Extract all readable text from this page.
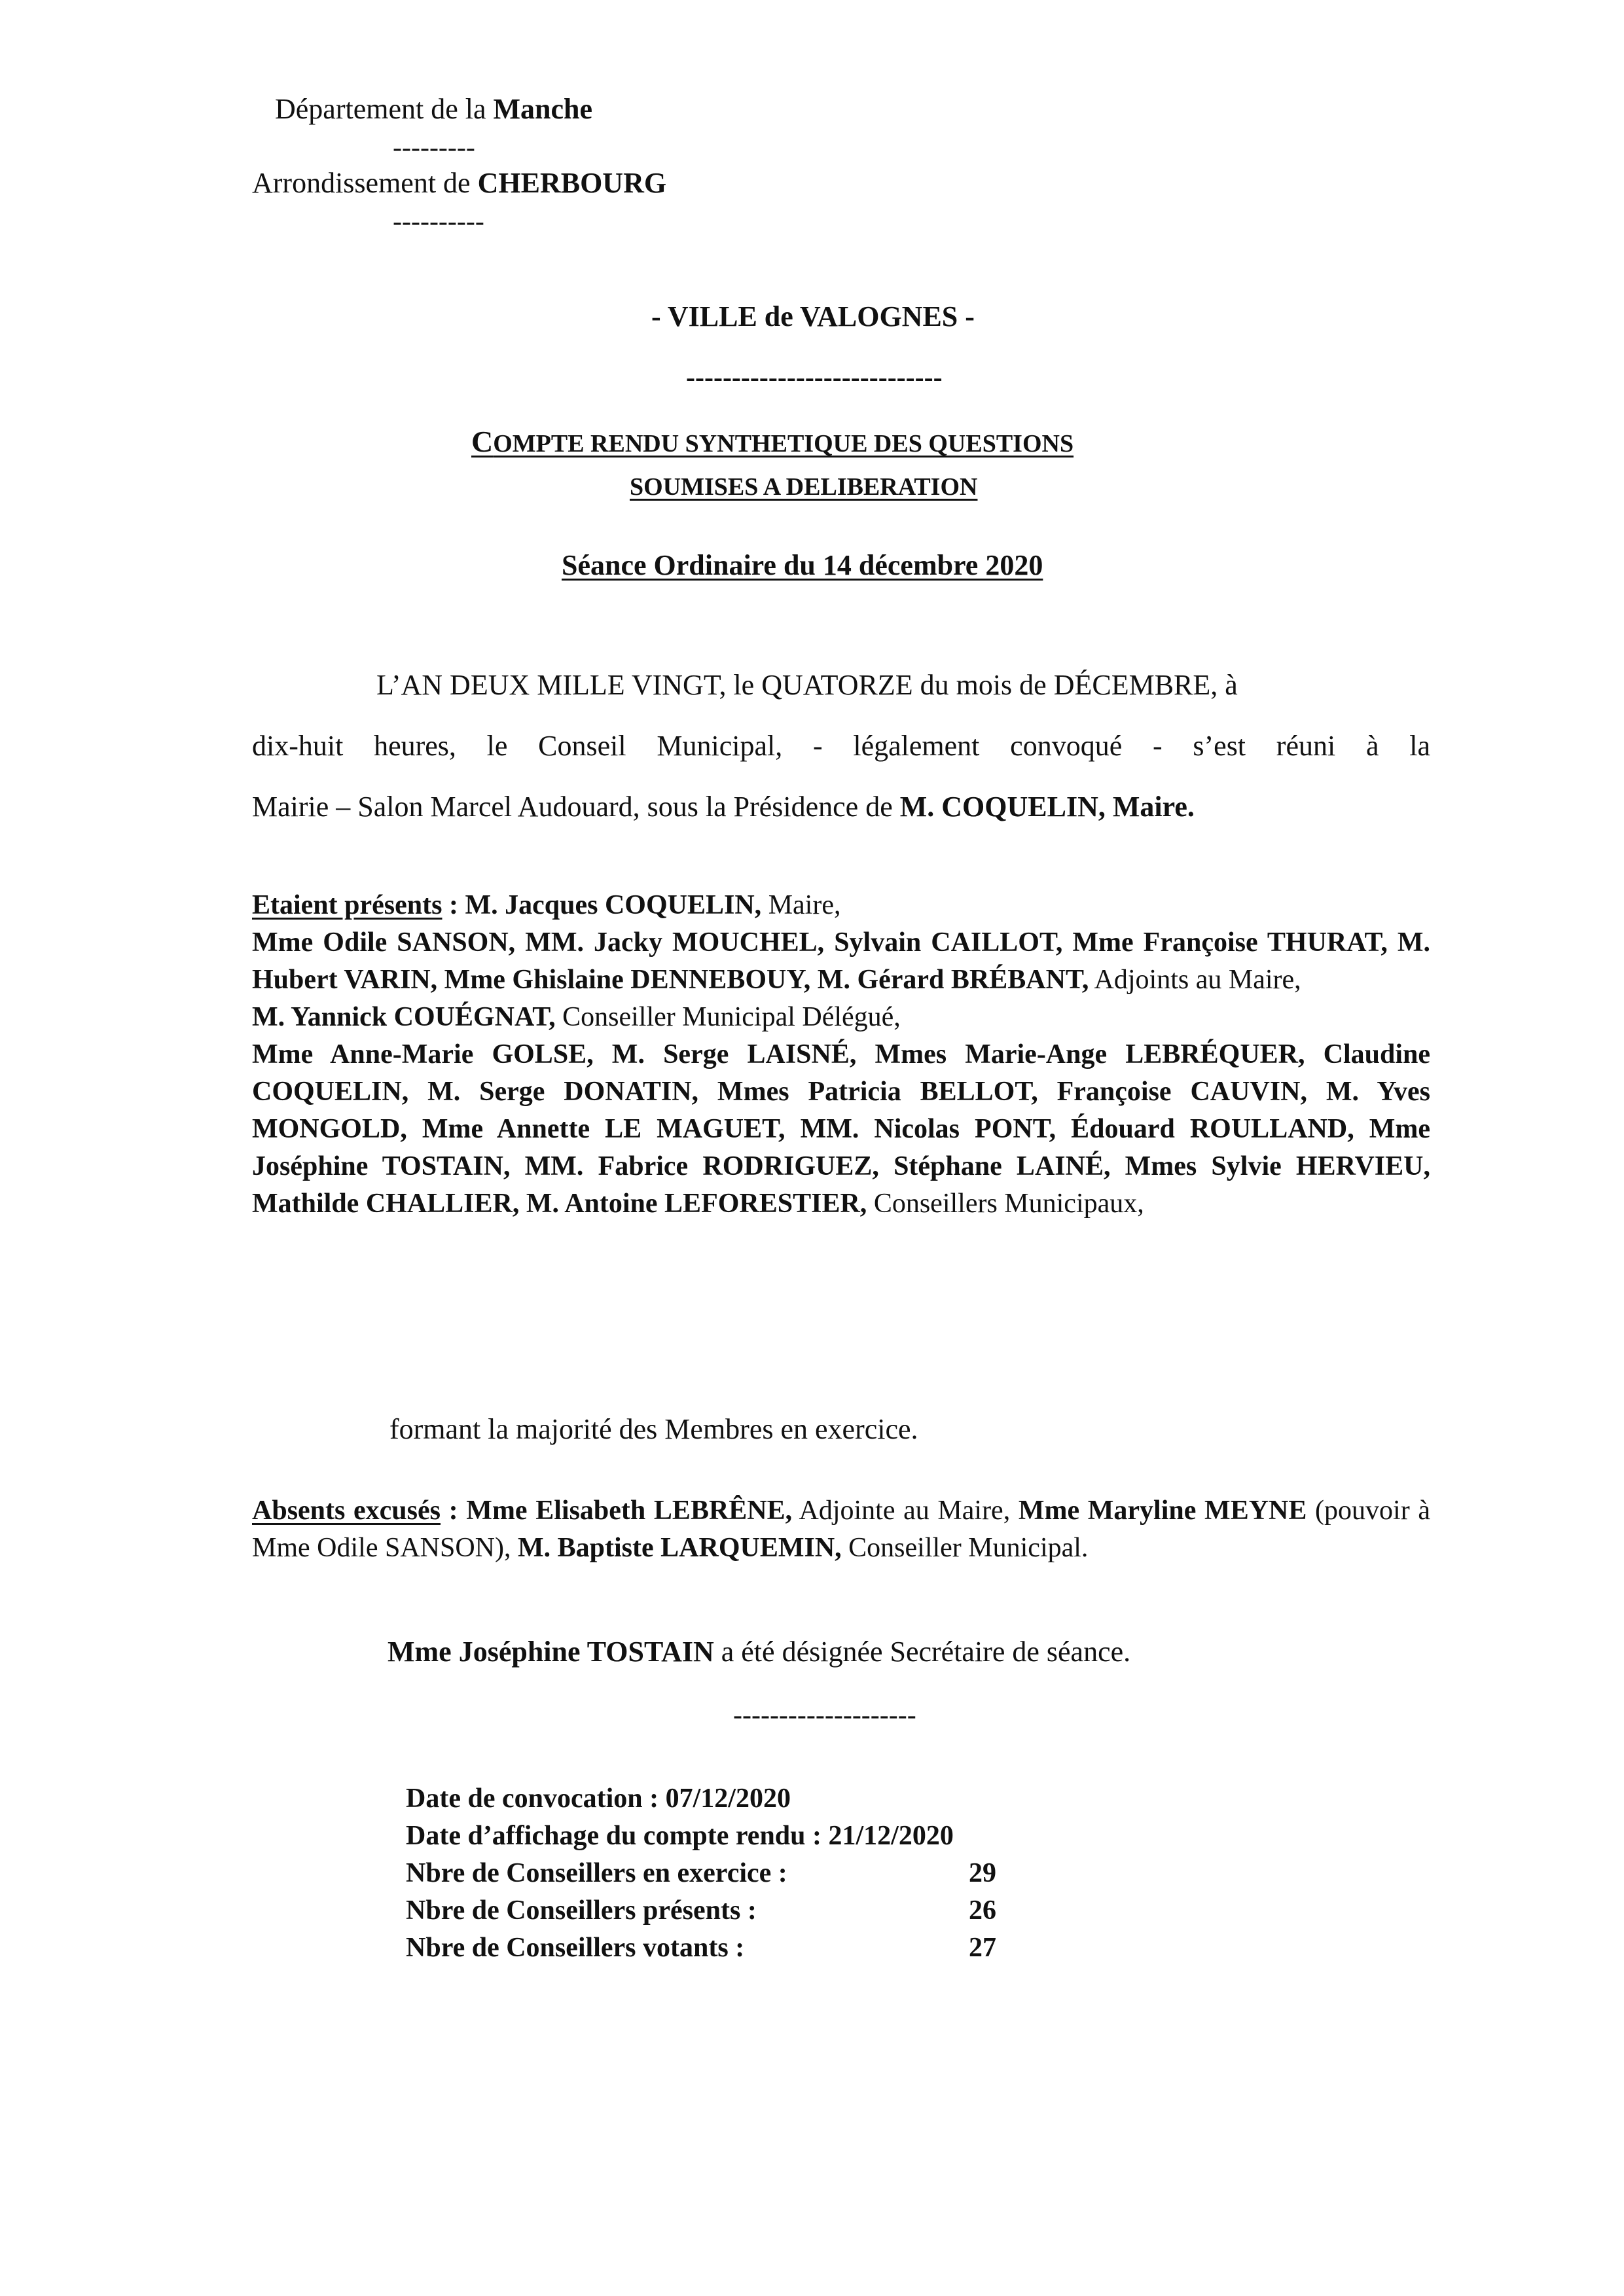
Département de la Manche
---------
Arrondissement de CHERBOURG
----------
- VILLE de VALOGNES -
----------------------------
COMPTE RENDU SYNTHETIQUE DES QUESTIONS
SOUMISES A DELIBERATION
Séance Ordinaire du 14 décembre 2020
L’AN DEUX MILLE VINGT, le QUATORZE du mois de DÉCEMBRE, à
dix-huit heures, le Conseil Municipal, - légalement convoqué - s’est réuni à la
Mairie – Salon Marcel Audouard, sous la Présidence de M. COQUELIN, Maire.
Etaient présents : M. Jacques COQUELIN, Maire,
Mme Odile SANSON, MM. Jacky MOUCHEL, Sylvain CAILLOT, Mme Françoise THURAT, M. Hubert VARIN, Mme Ghislaine DENNEBOUY, M. Gérard BRÉBANT, Adjoints au Maire,
M. Yannick COUÉGNAT, Conseiller Municipal Délégué,
Mme Anne-Marie GOLSE, M. Serge LAISNÉ, Mmes Marie-Ange LEBRÉQUER, Claudine COQUELIN, M. Serge DONATIN, Mmes Patricia BELLOT, Françoise CAUVIN, M. Yves MONGOLD, Mme Annette LE MAGUET, MM. Nicolas PONT, Édouard ROULLAND, Mme Joséphine TOSTAIN, MM. Fabrice RODRIGUEZ, Stéphane LAINÉ, Mmes Sylvie HERVIEU, Mathilde CHALLIER, M. Antoine LEFORESTIER, Conseillers Municipaux,
formant la majorité des Membres en exercice.
Absents excusés : Mme Elisabeth LEBRÊNE, Adjointe au Maire, Mme Maryline MEYNE (pouvoir à Mme Odile SANSON), M. Baptiste LARQUEMIN, Conseiller Municipal.
Mme Joséphine TOSTAIN a été désignée Secrétaire de séance.
--------------------
Date de convocation : 07/12/2020
Date d’affichage du compte rendu : 21/12/2020
Nbre de Conseillers en exercice :	29
Nbre de Conseillers présents :	26
Nbre de Conseillers votants :	27
